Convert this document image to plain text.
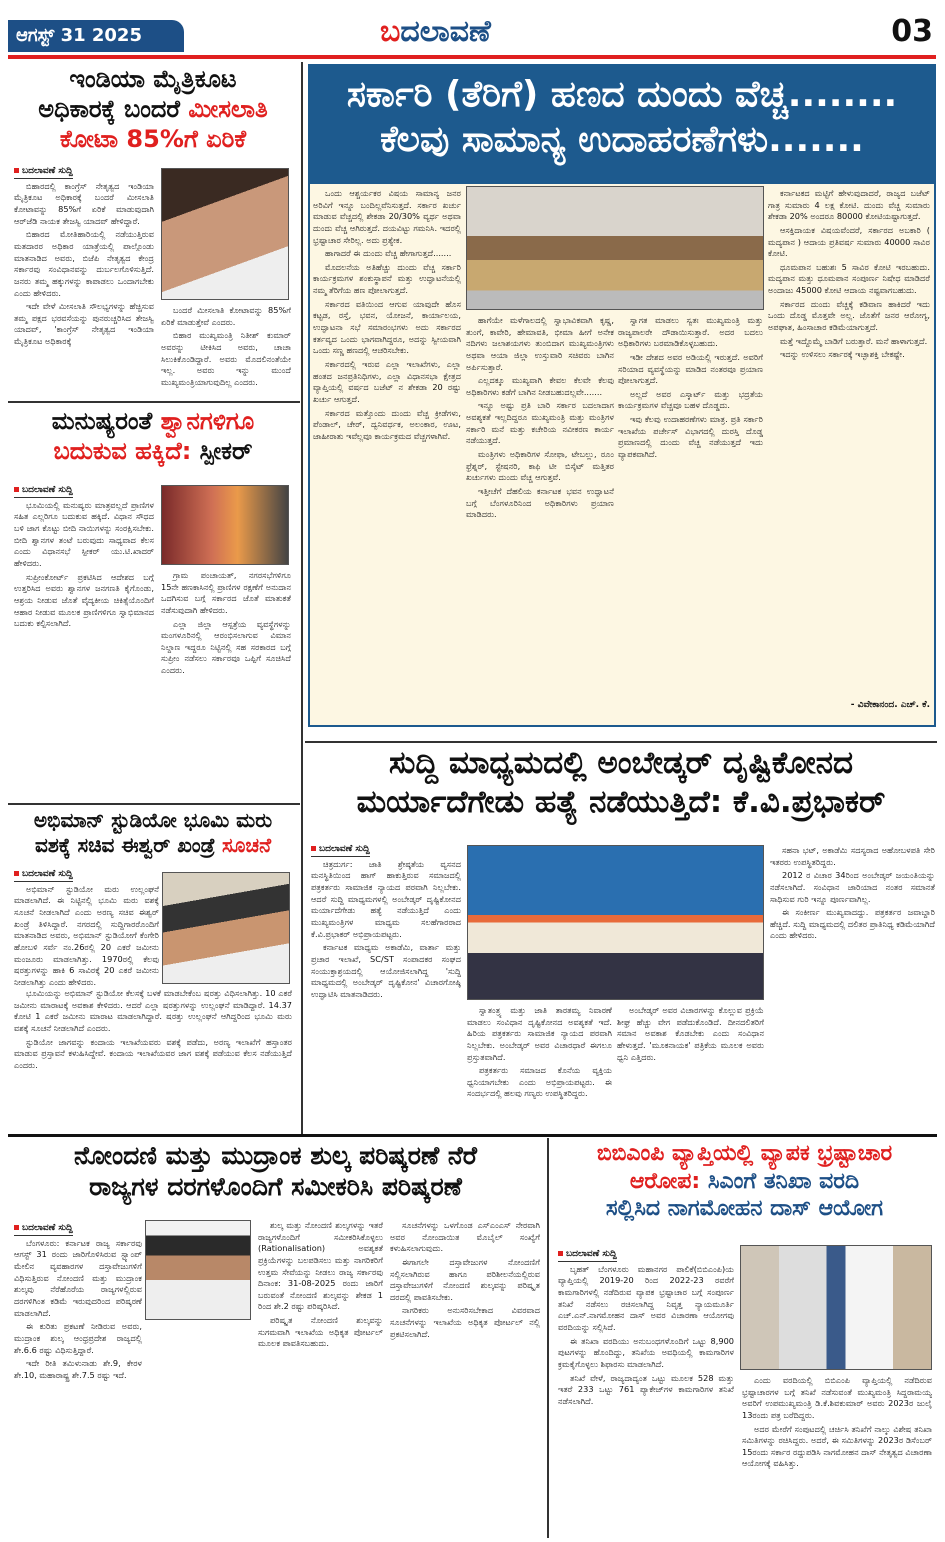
ಆಗಸ್ಟ್ 31 2025	ಬದಲಾವಣೆ	03
ಇಂಡಿಯಾ ಮೈತ್ರಿಕೂಟ
ಅಧಿಕಾರಕ್ಕೆ ಬಂದರೆ ಮೀಸಲಾತಿ
ಕೋಟಾ 85%ಗೆ ಏರಿಕೆ
ಬದಲಾವಣೆ ಸುದ್ದಿ

ಬಿಹಾರದಲ್ಲಿ ಕಾಂಗ್ರೆಸ್ ನೇತೃತ್ವದ ಇಂಡಿಯಾ ಮೈತ್ರಿಕೂಟ ಅಧಿಕಾರಕ್ಕೆ ಬಂದರೆ ಮೀಸಲಾತಿ ಕೋಟಾವನ್ನು 85%ಗೆ ಏರಿಕೆ ಮಾಡುವುದಾಗಿ ಆರ್‌ಜೆಡಿ ನಾಯಕ ತೇಜಸ್ವಿ ಯಾದವ್ ಹೇಳಿದ್ದಾರೆ.

ಬಿಹಾರದ ಮೋತಿಹಾರಿಯಲ್ಲಿ ನಡೆಯುತ್ತಿರುವ ಮತದಾರರ ಅಧಿಕಾರ ಯಾತ್ರೆಯಲ್ಲಿ ಪಾಲ್ಗೊಂಡು ಮಾತನಾಡಿದ ಅವರು, ಬಿಜೆಪಿ ನೇತೃತ್ವದ ಕೇಂದ್ರ ಸರ್ಕಾರವು ಸಂವಿಧಾನವನ್ನು ದುರ್ಬಲಗೊಳಿಸುತ್ತಿದೆ. ಜನರು ತಮ್ಮ ಹಕ್ಕುಗಳನ್ನು ಕಾಪಾಡಲು ಒಂದಾಗಬೇಕು ಎಂದು ಹೇಳಿದರು.

ಇದೇ ವೇಳೆ ಮೀಸಲಾತಿ ಸೌಲಭ್ಯಗಳನ್ನು ಹೆಚ್ಚಿಸುವ ತಮ್ಮ ಪಕ್ಷದ ಭರವಸೆಯನ್ನು ಪುನರುಚ್ಚರಿಸಿದ ತೇಜಸ್ವಿ ಯಾದವ್, 'ಕಾಂಗ್ರೆಸ್ ನೇತೃತ್ವದ ಇಂಡಿಯಾ ಮೈತ್ರಿಕೂಟ ಅಧಿಕಾರಕ್ಕೆ

ಬಂದರೆ ಮೀಸಲಾತಿ ಕೋಟಾವನ್ನು 85%ಗೆ ಏರಿಕೆ ಮಾಡುತ್ತೇವೆ ಎಂದರು.

ಬಿಹಾರ ಮುಖ್ಯಮಂತ್ರಿ ನಿತೀಶ್ ಕುಮಾರ್ ಅವರನ್ನು ಟೀಕಿಸಿದ ಅವರು, ಚಾಚಾ ಸಿಲುಕಿಕೊಂಡಿದ್ದಾರೆ. ಅವರು ಮೊದಲಿನಂತೆಯೇ ಇಲ್ಲ. ಅವರು ಇನ್ನು ಮುಂದೆ ಮುಖ್ಯಮಂತ್ರಿಯಾಗುವುದಿಲ್ಲ ಎಂದರು.

ಮನುಷ್ಯರಂತೆ ಶ್ವಾನಗಳಿಗೂ
ಬದುಕುವ ಹಕ್ಕಿದೆ: ಸ್ಪೀಕರ್
ಬದಲಾವಣೆ ಸುದ್ದಿ

ಭೂಮಿಯಲ್ಲಿ ಮನುಷ್ಯರು ಮಾತ್ರವಲ್ಲದೆ ಪ್ರಾಣಿಗಳ ಸಹಿತ ಎಲ್ಲರಿಗೂ ಬದುಕುವ ಹಕ್ಕಿದೆ. ವಿಧಾನ ಸೌಧದ ಬಳಿ ಜಾಗ ಕೊಟ್ಟು ಬೀದಿ ನಾಯಿಗಳನ್ನು ಸಂರಕ್ಷಿಸಬೇಕು. ಬೀದಿ ಶ್ವಾನಗಳ ತಂಟೆ ಬರುವುದು ಸಾಧ್ಯವಾದ ಕೆಲಸ ಎಂದು ವಿಧಾನಸಭೆ ಸ್ಪೀಕರ್ ಯು.ಟಿ.ಖಾದರ್ ಹೇಳಿದರು.

ಸುಪ್ರೀಂಕೋರ್ಟ್ ಪ್ರಕಟಿಸಿದ ಆದೇಶದ ಬಗ್ಗೆ ಉತ್ತರಿಸಿದ ಅವರು ಶ್ವಾನಗಳ ಜನಗಣತಿ ಕೈಗೊಂಡು, ಆಶ್ರಯ ನೀಡುವ ಜೊತೆ ವೈದ್ಯಕೀಯ ಚಿಕಿತ್ಸೆಯೊಂದಿಗೆ ಆಹಾರ ನೀಡುವ ಮೂಲಕ ಪ್ರಾಣಿಗಳಿಗೂ ಸ್ವಾಭಿಮಾನದ ಬದುಕು ಕಲ್ಪಿಸಲಾಗಿದೆ.

ಗ್ರಾಮ ಪಂಚಾಯತ್, ನಗರಸಭೆಗಳಿಗೂ 15ನೇ ಹಣಕಾಸಿನಲ್ಲಿ ಪ್ರಾಣಿಗಳ ರಕ್ಷಣೆಗೆ ಅನುದಾನ ಒದಗಿಸುವ ಬಗ್ಗೆ ಸರ್ಕಾರದ ಜೊತೆ ಮಾತುಕತೆ ನಡೆಸುವುದಾಗಿ ಹೇಳಿದರು.

ಎಲ್ಲಾ ಜಿಲ್ಲಾ ಆಸ್ಪತ್ರೆಯ ವ್ಯವಸ್ಥೆಗಳನ್ನು ಮಂಗಳೂರಿನಲ್ಲಿ ಆರಂಭಿಸಲಾಗುವ ವಿಮಾನ ನಿಲ್ದಾಣ ಇದ್ದರೂ ನಿಟ್ಟಿನಲ್ಲಿ ಸಹ ಸರಕಾರದ ಬಗ್ಗೆ ಸುಪ್ರೀಂ ನಡೆಸಲು ಸರ್ಕಾರವೂ ಒಪ್ಪಿಗೆ ಸೂಚಿಸಿದೆ ಎಂದರು.

ಅಭಿಮಾನ್ ಸ್ಟುಡಿಯೋ ಭೂಮಿ ಮರು
ವಶಕ್ಕೆ ಸಚಿವ ಈಶ್ವರ್ ಖಂಡ್ರೆ ಸೂಚನೆ
ಬದಲಾವಣೆ ಸುದ್ದಿ

ಅಭಿಮಾನ್ ಸ್ಟುಡಿಯೋ ಮರು ಉಲ್ಲಂಘನೆ ಮಾಡಲಾಗಿದೆ. ಈ ನಿಟ್ಟಿನಲ್ಲಿ ಭೂಮಿ ಮರು ವಶಕ್ಕೆ ಸೂಚನೆ ನೀಡಲಾಗಿದೆ ಎಂದು ಅರಣ್ಯ ಸಚಿವ ಈಶ್ವರ್ ಖಂಡ್ರೆ ತಿಳಿಸಿದ್ದಾರೆ. ನಗರದಲ್ಲಿ ಸುದ್ದಿಗಾರರೊಂದಿಗೆ ಮಾತನಾಡಿದ ಅವರು, ಅಭಿಮಾನ್ ಸ್ಟುಡಿಯೋಗೆ ಕೆಂಗೇರಿ ಹೋಬಳಿ ಸರ್ವೆ ನಂ.26ರಲ್ಲಿ 20 ಎಕರೆ ಜಮೀನು ಮಂಜೂರು ಮಾಡಲಾಗಿತ್ತು. 1970ರಲ್ಲಿ ಕೆಲವು ಷರತ್ತುಗಳನ್ನು ಹಾಕಿ 6 ಸಾವಿರಕ್ಕೆ 20 ಎಕರೆ ಜಮೀನು ನೀಡಲಾಗಿತ್ತು ಎಂದು ಹೇಳಿದರು.

ಭೂಮಿಯನ್ನು ಅಭಿಮಾನ್ ಸ್ಟುಡಿಯೋ ಕೆಲಸಕ್ಕೆ ಬಳಕೆ ಮಾಡಬೇಕೆಂಬ ಷರತ್ತು ವಿಧಿಸಲಾಗಿತ್ತು. 10 ಎಕರೆ ಜಮೀನು ಮಾರಾಟಕ್ಕೆ ಅವಕಾಶ ಕೇಳಿದರು. ಆದರೆ ಎಲ್ಲಾ ಷರತ್ತುಗಳನ್ನು ಉಲ್ಲಂಘನೆ ಮಾಡಿದ್ದಾರೆ. 14.37 ಕೋಟಿ 1 ಎಕರೆ ಜಮೀನು ಮಾರಾಟ ಮಾಡಲಾಗಿದ್ದಾರೆ. ಷರತ್ತು ಉಲ್ಲಂಘನೆ ಆಗಿದ್ದರಿಂದ ಭೂಮಿ ಮರು ವಶಕ್ಕೆ ಸೂಚನೆ ನೀಡಲಾಗಿದೆ ಎಂದರು.

ಸ್ಟುಡಿಯೋ ಜಾಗವನ್ನು ಕಂದಾಯ ಇಲಾಖೆಯವರು ವಶಕ್ಕೆ ಪಡೆದು, ಅರಣ್ಯ ಇಲಾಖೆಗೆ ಹಸ್ತಾಂತರ ಮಾಡುವ ಪ್ರಸ್ತಾವನೆ ಕಳುಹಿಸಿದ್ದೇವೆ. ಕಂದಾಯ ಇಲಾಖೆಯವರ ಜಾಗ ವಶಕ್ಕೆ ಪಡೆಯುವ ಕೆಲಸ ನಡೆಯುತ್ತಿದೆ ಎಂದರು.

ಸರ್ಕಾರಿ (ತೆರಿಗೆ) ಹಣದ ದುಂದು ವೆಚ್ಚ........
ಕೆಲವು ಸಾಮಾನ್ಯ ಉದಾಹರಣೆಗಳು.......

ಒಂದು ಆಶ್ಚರ್ಯಕರ ವಿಷಯ ಸಾಮಾನ್ಯ ಜನರ ಅರಿವಿಗೆ ಇನ್ನೂ ಬಂದಿಲ್ಲವೆನಿಸುತ್ತದೆ. ಸರ್ಕಾರ ಖರ್ಚು ಮಾಡುವ ವೆಚ್ಚದಲ್ಲಿ ಶೇಕಡಾ 20/30% ವ್ಯರ್ಥ ಅಥವಾ ದುಂದು ವೆಚ್ಚ ಆಗಿರುತ್ತದೆ. ದಯವಿಟ್ಟು ಗಮನಿಸಿ. ಇದರಲ್ಲಿ ಭ್ರಷ್ಟಾಚಾರ ಸೇರಿಲ್ಲ. ಅದು ಪ್ರತ್ಯೇಕ.

ಹಾಗಾದರೆ ಈ ದುಂದು ವೆಚ್ಚ ಹೇಗಾಗುತ್ತದೆ.......

ಮೊದಲನೆಯ ಅತಿಹೆಚ್ಚು ದುಂದು ವೆಚ್ಚ ಸರ್ಕಾರಿ ಕಾರ್ಯಕ್ರಮಗಳ ಶಂಕುಸ್ಥಾಪನೆ ಮತ್ತು ಉದ್ಘಾಟನೆಯಲ್ಲಿ ನಮ್ಮ ತೆರಿಗೆಯ ಹಣ ಪೋಲಾಗುತ್ತದೆ.

ಸರ್ಕಾರದ ವತಿಯಿಂದ ಆಗುವ ಯಾವುದೇ ಹೊಸ ಕಟ್ಟಡ, ರಸ್ತೆ, ಭವನ, ಯೋಜನೆ, ಕಾರ್ಯಾಲಯ, ಉದ್ಘಾಟನಾ ಸಭೆ ಸಮಾರಂಭಗಳು ಅದು ಸರ್ಕಾರದ ಕರ್ತವ್ಯದ ಒಂದು ಭಾಗವಾಗಿದ್ದರೂ, ಅದನ್ನು ಸ್ವೀಯವಾಗಿ ಒಂದು ಸಣ್ಣ ಹಣದಲ್ಲಿ ಆಚರಿಸಬೇಕು.

ಸರ್ಕಾರದಲ್ಲಿ ಇರುವ ಎಲ್ಲಾ ಇಲಾಖೆಗಳು, ಎಲ್ಲಾ ಹಂತದ ಜನಪ್ರತಿನಿಧಿಗಳು, ಎಲ್ಲಾ ವಿಧಾನಸಭಾ ಕ್ಷೇತ್ರದ ವ್ಯಾಪ್ತಿಯಲ್ಲಿ ವರ್ಷದ ಬಜೆಟ್ ನ ಶೇಕಡಾ 20 ರಷ್ಟು ಖರ್ಚು ಆಗುತ್ತದೆ.

ಸರ್ಕಾರದ ಮತ್ತೊಂದು ದುಂದು ವೆಚ್ಚ ಕ್ರೀಡೆಗಳು, ಪೆಂಡಾಲ್, ಚೇರ್, ದ್ವನಿವರ್ಧಕ, ಅಲಂಕಾರ, ಊಟ, ಜಾಹೀರಾತು ಇವೆಲ್ಲವೂ ಕಾರ್ಯಕ್ರಮದ ವೆಚ್ಚಗಳಾಗಿವೆ.

ಹಾಗೆಯೇ ಮಳೆಗಾಲದಲ್ಲಿ ಸ್ವಾಭಾವಿಕವಾಗಿ ಕೃಷ್ಣ, ತುಂಗೆ, ಕಾವೇರಿ, ಹೇಮಾವತಿ, ಭೀಮಾ ಹೀಗೆ ಅನೇಕ ನದಿಗಳು ಜಲಾಶಯಗಳು ತುಂಬಿದಾಗ ಮುಖ್ಯಮಂತ್ರಿಗಳು ಅಥವಾ ಆಯಾ ಜಿಲ್ಲಾ ಉಸ್ತುವಾರಿ ಸಚಿವರು ಬಾಗಿನ ಅರ್ಪಿಸುತ್ತಾರೆ.

ಎಲ್ಲದಕ್ಕೂ ಮುಖ್ಯವಾಗಿ ಕೇವಲ ಕೆಲವೇ ಕೆಲವು ಅಧಿಕಾರಿಗಳು ಕಡೆಗೆ ಬಾಗಿನ ನೀಡಬಹುದಲ್ಲವೇ.......

ಇನ್ನೂ ಅಷ್ಟು ಪ್ರತಿ ಬಾರಿ ಸರ್ಕಾರ ಬದಲಾದಾಗ ಅವಶ್ಯಕತೆ ಇಲ್ಲದಿದ್ದರೂ ಮುಖ್ಯಮಂತ್ರಿ ಮತ್ತು ಮಂತ್ರಿಗಳ ಸರ್ಕಾರಿ ಮನೆ ಮತ್ತು ಕಚೇರಿಯ ನವೀಕರಣ ಕಾರ್ಯ ನಡೆಯುತ್ತದೆ.

ಮಂತ್ರಿಗಳು ಅಧಿಕಾರಿಗಳ ಸೋಫಾ, ಟೇಬಲ್ಲು, ರೂಂ ಫ್ರೆಶ್ನರ್, ಸ್ಟೇಷನರಿ, ಕಾಫಿ ಟೀ ಬಿಸ್ಕೆಟ್ ಮತ್ತಿತರ ಖರ್ಚುಗಳು ದುಂದು ವೆಚ್ಚ ಆಗುತ್ತವೆ.

ಇತ್ತೀಚೆಗೆ ದೆಹಲಿಯ ಕರ್ನಾಟಕ ಭವನ ಉದ್ಘಾಟನೆ ಬಗ್ಗೆ ಬೆಂಗಳೂರಿನಿಂದ ಅಧಿಕಾರಿಗಳು ಪ್ರಯಾಣ ಮಾಡಿದರು.

ಸ್ವಾಗತ ಮಾಡಲು ಸ್ವತಃ ಮುಖ್ಯಮಂತ್ರಿ ಮತ್ತು ರಾಜ್ಯಪಾಲರೇ ದೌಡಾಯಿಸುತ್ತಾರೆ. ಅದರ ಬದಲು ಅಧಿಕಾರಿಗಳು ಬರಮಾಡಿಕೊಳ್ಳಬಹುದು.

ಇಡೀ ದೇಶದ ಅವರ ಅಡಿಯಲ್ಲಿ ಇರುತ್ತದೆ. ಅವರಿಗೆ ಸರಿಯಾದ ವ್ಯವಸ್ಥೆಯನ್ನು ಮಾಡಿದ ನಂತರವೂ ಪ್ರಯಾಣ ಪೋಲಾಗುತ್ತದೆ.

ಅಲ್ಲದೆ ಅವರ ಎಸ್ಕಾರ್ಟ್ ಮತ್ತು ಭದ್ರತೆಯ ಕಾರ್ಯಕ್ರಮಗಳ ವೆಚ್ಚವೂ ಬಹಳ ದೊಡ್ಡದು.

ಇವು ಕೆಲವು ಉದಾಹರಣೆಗಳು ಮಾತ್ರ. ಪ್ರತಿ ಸರ್ಕಾರಿ ಇಲಾಖೆಯ ಪರ್ಚೇಸ್ ವಿಭಾಗದಲ್ಲಿ ದುರಸ್ತಿ ದೊಡ್ಡ ಪ್ರಮಾಣದಲ್ಲಿ ದುಂದು ವೆಚ್ಚ ನಡೆಯುತ್ತದೆ ಇದು ವ್ಯಾಪಕವಾಗಿದೆ.

ಕರ್ನಾಟಕದ ಮಟ್ಟಿಗೆ ಹೇಳುವುದಾದರೆ, ರಾಜ್ಯದ ಬಜೆಟ್ ಗಾತ್ರ ಸುಮಾರು 4 ಲಕ್ಷ ಕೋಟಿ. ದುಂದು ವೆಚ್ಚ ಸುಮಾರು ಶೇಕಡಾ 20% ಅಂದರೂ 80000 ಕೋಟಿಯಷ್ಟಾಗುತ್ತದೆ.

ಆಸಕ್ತಿದಾಯಕ ವಿಷಯವೆಂದರೆ, ಸರ್ಕಾರದ ಅಬಕಾರಿ ( ಮದ್ಯಪಾನ ) ಆದಾಯ ಪ್ರತಿವರ್ಷ ಸುಮಾರು 40000 ಸಾವಿರ ಕೋಟಿ.

ಧೂಮಪಾನ ಬಹುಶಃ 5 ಸಾವಿರ ಕೋಟಿ ಇರಬಹುದು. ಮದ್ಯಪಾನ ಮತ್ತು ಧೂಮಪಾನ ಸಂಪೂರ್ಣ ನಿಷೇಧ ಮಾಡಿದರೆ ಅಂದಾಜು 45000 ಕೋಟಿ ಆದಾಯ ನಷ್ಟವಾಗಬಹುದು.

ಸರ್ಕಾರದ ದುಂದು ವೆಚ್ಚಕ್ಕೆ ಕಡಿವಾಣ ಹಾಕಿದರೆ ಇದು ಒಂದು ದೊಡ್ಡ ಮೊತ್ತವೇ ಅಲ್ಲ. ಜೊತೆಗೆ ಜನರ ಆರೋಗ್ಯ, ಅಪಘಾತ, ಹಿಂಸಾಚಾರ ಕಡಿಮೆಯಾಗುತ್ತದೆ.

ಮತ್ತೆ ಇದ್ದೊಮ್ಮೆ ಬಾಡಿಗೆ ಬರುತ್ತಾರೆ. ಮನೆ ಹಾಳಾಗುತ್ತದೆ.

ಇದನ್ನು ಉಳಿಸಲು ಸರ್ಕಾರಕ್ಕೆ ಇಚ್ಛಾಶಕ್ತಿ ಬೇಕಷ್ಟೇ.

- ವಿವೇಕಾನಂದ. ಎಚ್. ಕೆ.
ಸುದ್ದಿ ಮಾಧ್ಯಮದಲ್ಲಿ ಅಂಬೇಡ್ಕರ್ ದೃಷ್ಟಿಕೋನದ
ಮರ್ಯಾದೆಗೇಡು ಹತ್ಯೆ ನಡೆಯುತ್ತಿದೆ: ಕೆ.ವಿ.ಪ್ರಭಾಕರ್
ಬದಲಾವಣೆ ಸುದ್ದಿ

ಚಿತ್ರದುರ್ಗ: ಜಾತಿ ಶ್ರೇಷ್ಠತೆಯ ವ್ಯಸನದ ಮನಸ್ಥಿತಿಯಿಂದ ಹಾಗ್ ಹಾಕುತ್ತಿರುವ ಸಮಾಜದಲ್ಲಿ ಪತ್ರಕರ್ತರು ಸಾಮಾಜಿಕ ನ್ಯಾಯದ ಪರವಾಗಿ ನಿಲ್ಲಬೇಕು. ಆದರೆ ಸುದ್ದಿ ಮಾಧ್ಯಮಗಳಲ್ಲಿ ಅಂಬೇಡ್ಕರ್ ದೃಷ್ಟಿಕೋನದ ಮರ್ಯಾದೆಗೇಡು ಹತ್ಯೆ ನಡೆಯುತ್ತಿದೆ ಎಂದು ಮುಖ್ಯಮಂತ್ರಿಗಳ ಮಾಧ್ಯಮ ಸಲಹೆಗಾರರಾದ ಕೆ.ವಿ.ಪ್ರಭಾಕರ್ ಅಭಿಪ್ರಾಯಪಟ್ಟರು.

ಕರ್ನಾಟಕ ಮಾಧ್ಯಮ ಅಕಾಡೆಮಿ, ವಾರ್ತಾ ಮತ್ತು ಪ್ರಚಾರ ಇಲಾಖೆ, SC/ST ಸಂಪಾದಕರ ಸಂಘದ ಸಂಯುಕ್ತಾಶ್ರಯದಲ್ಲಿ ಆಯೋಜಿಸಲಾಗಿದ್ದ 'ಸುದ್ದಿ ಮಾಧ್ಯಮದಲ್ಲಿ ಅಂಬೇಡ್ಕರ್ ದೃಷ್ಟಿಕೋನ' ವಿಚಾರಗೋಷ್ಠಿ ಉದ್ಘಾಟಿಸಿ ಮಾತನಾಡಿದರು.

ಸ್ವಾತಂತ್ರ್ಯ ಮತ್ತು ಜಾತಿ ತಾರತಮ್ಯ ನಿವಾರಣೆ ಮಾಡಲು ಸಂವಿಧಾನ ದೃಷ್ಟಿಕೋನದ ಅವಶ್ಯಕತೆ ಇದೆ. ಹಿರಿಯ ಪತ್ರಕರ್ತರು ಸಾಮಾಜಿಕ ನ್ಯಾಯದ ಪರವಾಗಿ ನಿಲ್ಲಬೇಕು. ಅಂಬೇಡ್ಕರ್ ಅವರ ವಿಚಾರಧಾರೆ ಈಗಲೂ ಪ್ರಸ್ತುತವಾಗಿದೆ.

ಪತ್ರಕರ್ತರು ಸಮಾಜದ ಕೊನೆಯ ವ್ಯಕ್ತಿಯ ಧ್ವನಿಯಾಗಬೇಕು ಎಂದು ಅಭಿಪ್ರಾಯಪಟ್ಟರು. ಈ ಸಂದರ್ಭದಲ್ಲಿ ಹಲವು ಗಣ್ಯರು ಉಪಸ್ಥಿತರಿದ್ದರು.

ಅಂಬೇಡ್ಕರ್ ಅವರ ವಿಚಾರಗಳನ್ನು ಕೊಲ್ಲುವ ಪ್ರಕ್ರಿಯೆ ಶೀಘ್ರ ಹೆಚ್ಚು ವೇಗ ಪಡೆದುಕೊಂಡಿದೆ. ದೀನದಲಿತರಿಗೆ ಸಮಾನ ಅವಕಾಶ ಕೊಡಬೇಕು ಎಂದು ಸಂವಿಧಾನ ಹೇಳುತ್ತದೆ. 'ಮೂಕನಾಯಕ' ಪತ್ರಿಕೆಯ ಮೂಲಕ ಅವರು ಧ್ವನಿ ಎತ್ತಿದರು.

ಸಹನಾ ಭಟ್, ಅಕಾಡೆಮಿ ಸದಸ್ಯರಾದ ಅಹೋಬಳಪತಿ ಸೇರಿ ಇತರರು ಉಪಸ್ಥಿತರಿದ್ದರು.

2012 ರ ವಿಚಾರ 34ರಿಂದ ಅಂಬೇಡ್ಕರ್ ಜಯಂತಿಯನ್ನು ನಡೆಸಲಾಗಿದೆ. ಸಂವಿಧಾನ ಜಾರಿಯಾದ ನಂತರ ಸಮಾನತೆ ಸಾಧಿಸುವ ಗುರಿ ಇನ್ನೂ ಪೂರ್ಣವಾಗಿಲ್ಲ.

ಈ ಸಂಕೀರ್ಣ ಮುಖ್ಯವಾದದ್ದು. ಪತ್ರಕರ್ತರ ಜವಾಬ್ದಾರಿ ಹೆಚ್ಚಿದೆ. ಸುದ್ದಿ ಮಾಧ್ಯಮದಲ್ಲಿ ದಲಿತರ ಪ್ರಾತಿನಿಧ್ಯ ಕಡಿಮೆಯಾಗಿದೆ ಎಂದು ಹೇಳಿದರು.

ನೋಂದಣಿ ಮತ್ತು ಮುದ್ರಾಂಕ ಶುಲ್ಕ ಪರಿಷ್ಕರಣೆ ನೆರೆ
ರಾಜ್ಯಗಳ ದರಗಳೊಂದಿಗೆ ಸಮೀಕರಿಸಿ ಪರಿಷ್ಕರಣೆ
ಬದಲಾವಣೆ ಸುದ್ದಿ

ಬೆಂಗಳೂರು: ಕರ್ನಾಟಕ ರಾಜ್ಯ ಸರ್ಕಾರವು ಆಗಸ್ಟ್ 31 ರಂದು ಜಾರಿಗೊಳಿಸಿರುವ ಸ್ಟ್ಯಾಂಪ್ ಮೇಲಿನ ವ್ಯವಹಾರಗಳ ದಸ್ತಾವೇಜುಗಳಿಗೆ ವಿಧಿಸುತ್ತಿರುವ ನೋಂದಣಿ ಮತ್ತು ಮುದ್ರಾಂಕ ಶುಲ್ಕವು ನೆರೆಹೊರೆಯ ರಾಜ್ಯಗಳಲ್ಲಿರುವ ದರಗಳಿಗಿಂತ ಕಡಿಮೆ ಇರುವುದರಿಂದ ಪರಿಷ್ಕರಣೆ ಮಾಡಲಾಗಿದೆ.

ಈ ಕುರಿತು ಪ್ರಕಟಣೆ ನೀಡಿರುವ ಅವರು, ಮುದ್ರಾಂಕ ಶುಲ್ಕ ಆಂಧ್ರಪ್ರದೇಶ ರಾಜ್ಯದಲ್ಲಿ ಶೇ.6.6 ರಷ್ಟು ವಿಧಿಸುತ್ತಿದ್ದಾರೆ.

ಇದೇ ರೀತಿ ತಮಿಳುನಾಡು ಶೇ.9, ಕೇರಳ ಶೇ.10, ಮಹಾರಾಷ್ಟ್ರ ಶೇ.7.5 ರಷ್ಟು ಇದೆ.

ಶುಲ್ಕ ಮತ್ತು ನೋಂದಣಿ ಶುಲ್ಕಗಳನ್ನು ಇತರೆ ರಾಜ್ಯಗಳೊಂದಿಗೆ ಸಮೀಕರಿಸಿಕೊಳ್ಳಲು (Rationalisation) ಅವಶ್ಯಕತೆ ಪ್ರಕ್ರಿಯೆಗಳನ್ನು ಬಲಪಡಿಸಲು ಮತ್ತು ನಾಗರಿಕರಿಗೆ ಉತ್ತಮ ಸೇವೆಯನ್ನು ನೀಡಲು ರಾಜ್ಯ ಸರ್ಕಾರವು ದಿನಾಂಕ: 31-08-2025 ರಂದು ಜಾರಿಗೆ ಬರುವಂತೆ ನೋಂದಣಿ ಶುಲ್ಕವನ್ನು ಶೇಕಡ 1 ರಿಂದ ಶೇ.2 ರಷ್ಟು ಪರಿಷ್ಕರಿಸಿದೆ.

ಪರಿಷ್ಕೃತ ನೋಂದಣಿ ಶುಲ್ಕವನ್ನು ಸುಗಮವಾಗಿ ಇಲಾಖೆಯ ಅಧಿಕೃತ ಪೋರ್ಟಲ್ ಮೂಲಕ ಪಾವತಿಸಬಹುದು.

ಸೂಚನೆಗಳನ್ನು ಒಳಗೊಂಡ ಎಸ್‌ಎಂಎಸ್ ನೇರವಾಗಿ ಅವರ ನೋಂದಾಯಿತ ಮೊಬೈಲ್ ಸಂಖ್ಯೆಗೆ ಕಳುಹಿಸಲಾಗುವುದು.

ಈಗಾಗಲೇ ದಸ್ತಾವೇಜುಗಳ ನೋಂದಣಿಗೆ ಸಲ್ಲಿಸಲಾಗಿರುವ ಹಾಗೂ ಪರಿಶೀಲನೆಯಲ್ಲಿರುವ ದಸ್ತಾವೇಜುಗಳಿಗೆ ನೋಂದಣಿ ಶುಲ್ಕವನ್ನು ಪರಿಷ್ಕೃತ ದರದಲ್ಲಿ ಪಾವತಿಸಬೇಕು.

ನಾಗರಿಕರು ಅನುಸರಿಸಬೇಕಾದ ವಿವರವಾದ ಸೂಚನೆಗಳನ್ನು ಇಲಾಖೆಯ ಅಧಿಕೃತ ಪೋರ್ಟಲ್ ನಲ್ಲಿ ಪ್ರಕಟಿಸಲಾಗಿದೆ.

ಬಿಬಿಎಂಪಿ ವ್ಯಾಪ್ತಿಯಲ್ಲಿ ವ್ಯಾಪಕ ಭ್ರಷ್ಟಾಚಾರ
ಆರೋಪ: ಸಿಎಂಗೆ ತನಿಖಾ ವರದಿ
ಸಲ್ಲಿಸಿದ ನಾಗಮೋಹನ ದಾಸ್ ಆಯೋಗ
ಬದಲಾವಣೆ ಸುದ್ದಿ

ಬೃಹತ್ ಬೆಂಗಳೂರು ಮಹಾನಗರ ಪಾಲಿಕೆ(ಬಿಬಿಎಂಪಿ)ಯ ವ್ಯಾಪ್ತಿಯಲ್ಲಿ 2019-20 ರಿಂದ 2022-23 ರವರೆಗೆ ಕಾಮಗಾರಿಗಳಲ್ಲಿ ನಡೆದಿರುವ ವ್ಯಾಪಕ ಭ್ರಷ್ಟಾಚಾರ ಬಗ್ಗೆ ಸಂಪೂರ್ಣ ತನಿಖೆ ನಡೆಸಲು ರಚಿಸಲಾಗಿದ್ದ ನಿವೃತ್ತ ನ್ಯಾಯಮೂರ್ತಿ ಎಚ್.ಎನ್.ನಾಗಮೋಹನ ದಾಸ್ ಅವರ ವಿಚಾರಣಾ ಆಯೋಗವು ವರದಿಯನ್ನು ಸಲ್ಲಿಸಿದೆ.

ಈ ತನಿಖಾ ವರದಿಯು ಅನುಬಂಧಗಳೊಂದಿಗೆ ಒಟ್ಟು 8,900 ಪುಟಗಳನ್ನು ಹೊಂದಿದ್ದು, ತನಿಖೆಯ ಅವಧಿಯಲ್ಲಿ ಕಾಮಗಾರಿಗಳ ಕ್ರಮಕೈಗೊಳ್ಳಲು ಶಿಫಾರಸು ಮಾಡಲಾಗಿದೆ.

ತನಿಖೆ ವೇಳೆ, ರಾಜ್ಯದಾದ್ಯಂತ ಒಟ್ಟು ಮೂಲಕ 528 ಮತ್ತು ಇತರೆ 233 ಒಟ್ಟು 761 ಪ್ಯಾಕೇಜ್‌ಗಳ ಕಾಮಗಾರಿಗಳ ತನಿಖೆ ನಡೆಸಲಾಗಿದೆ.

ಎಂದು ವರದಿಯಲ್ಲಿ ಬಿಬಿಎಂಪಿ ವ್ಯಾಪ್ತಿಯಲ್ಲಿ ನಡೆದಿರುವ ಭ್ರಷ್ಟಾಚಾರಗಳ ಬಗ್ಗೆ ತನಿಖೆ ನಡೆಸುವಂತೆ ಮುಖ್ಯಮಂತ್ರಿ ಸಿದ್ದರಾಮಯ್ಯ ಅವರಿಗೆ ಉಪಮುಖ್ಯಮಂತ್ರಿ ಡಿ.ಕೆ.ಶಿವಕುಮಾರ್ ಅವರು 2023ರ ಜುಲೈ 13ರಂದು ಪತ್ರ ಬರೆದಿದ್ದರು.

ಅದರ ಮೇರೆಗೆ ಸಂಪುಟದಲ್ಲಿ ಚರ್ಚಿಸಿ ತನಿಖೆಗೆ ನಾಲ್ಕು ವಿಶೇಷ ತನಿಖಾ ಸಮಿತಿಗಳನ್ನು ರಚಿಸಿದ್ದರು. ಅದರೆ, ಈ ಸಮಿತಿಗಳನ್ನು 2023ರ ಡಿಸೆಂಬರ್ 15ರಂದು ಸರ್ಕಾರ ರದ್ದುಪಡಿಸಿ ನಾಗಮೋಹನ ದಾಸ್ ನೇತೃತ್ವದ ವಿಚಾರಣಾ ಆಯೋಗಕ್ಕೆ ವಹಿಸಿತ್ತು.
